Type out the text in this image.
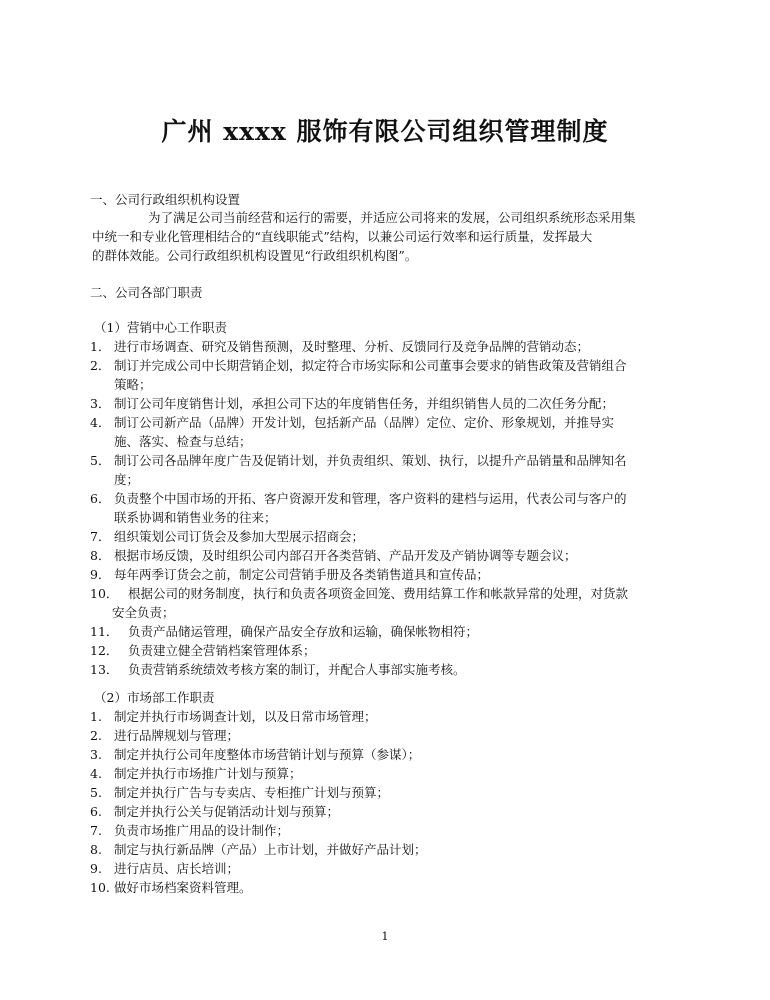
广州 xxxx 服饰有限公司组织管理制度
一、公司行政组织机构设置
为了满足公司当前经营和运行的需要，并适应公司将来的发展，公司组织系统形态采用集
中统一和专业化管理相结合的“直线职能式”结构，以兼公司运行效率和运行质量，发挥最大
的群体效能。公司行政组织机构设置见“行政组织机构图”。
二、公司各部门职责
（1）营销中心工作职责
1． 进行市场调查、研究及销售预测，及时整理、分析、反馈同行及竞争品牌的营销动态；
2． 制订并完成公司中长期营销企划，拟定符合市场实际和公司董事会要求的销售政策及营销组合
策略；
3． 制订公司年度销售计划，承担公司下达的年度销售任务，并组织销售人员的二次任务分配；
4． 制订公司新产品（品牌）开发计划，包括新产品（品牌）定位、定价、形象规划，并推导实
施、落实、检查与总结；
5． 制订公司各品牌年度广告及促销计划，并负责组织、策划、执行，以提升产品销量和品牌知名
度；
6． 负责整个中国市场的开拓、客户资源开发和管理，客户资料的建档与运用，代表公司与客户的
联系协调和销售业务的往来；
7． 组织策划公司订货会及参加大型展示招商会；
8． 根据市场反馈，及时组织公司内部召开各类营销、产品开发及产销协调等专题会议；
9． 每年两季订货会之前，制定公司营销手册及各类销售道具和宣传品；
10． 根据公司的财务制度，执行和负责各项资金回笼、费用结算工作和帐款异常的处理，对货款
安全负责；
11． 负责产品储运管理，确保产品安全存放和运输，确保帐物相符；
12． 负责建立健全营销档案管理体系；
13． 负责营销系统绩效考核方案的制订，并配合人事部实施考核。
（2）市场部工作职责
1. 制定并执行市场调查计划，以及日常市场管理；
2. 进行品牌规划与管理；
3. 制定并执行公司年度整体市场营销计划与预算（参谋）；
4. 制定并执行市场推广计划与预算；
5. 制定并执行广告与专卖店、专柜推广计划与预算；
6. 制定并执行公关与促销活动计划与预算；
7. 负责市场推广用品的设计制作；
8. 制定与执行新品牌（产品）上市计划，并做好产品计划；
9. 进行店员、店长培训；
10. 做好市场档案资料管理。
1
